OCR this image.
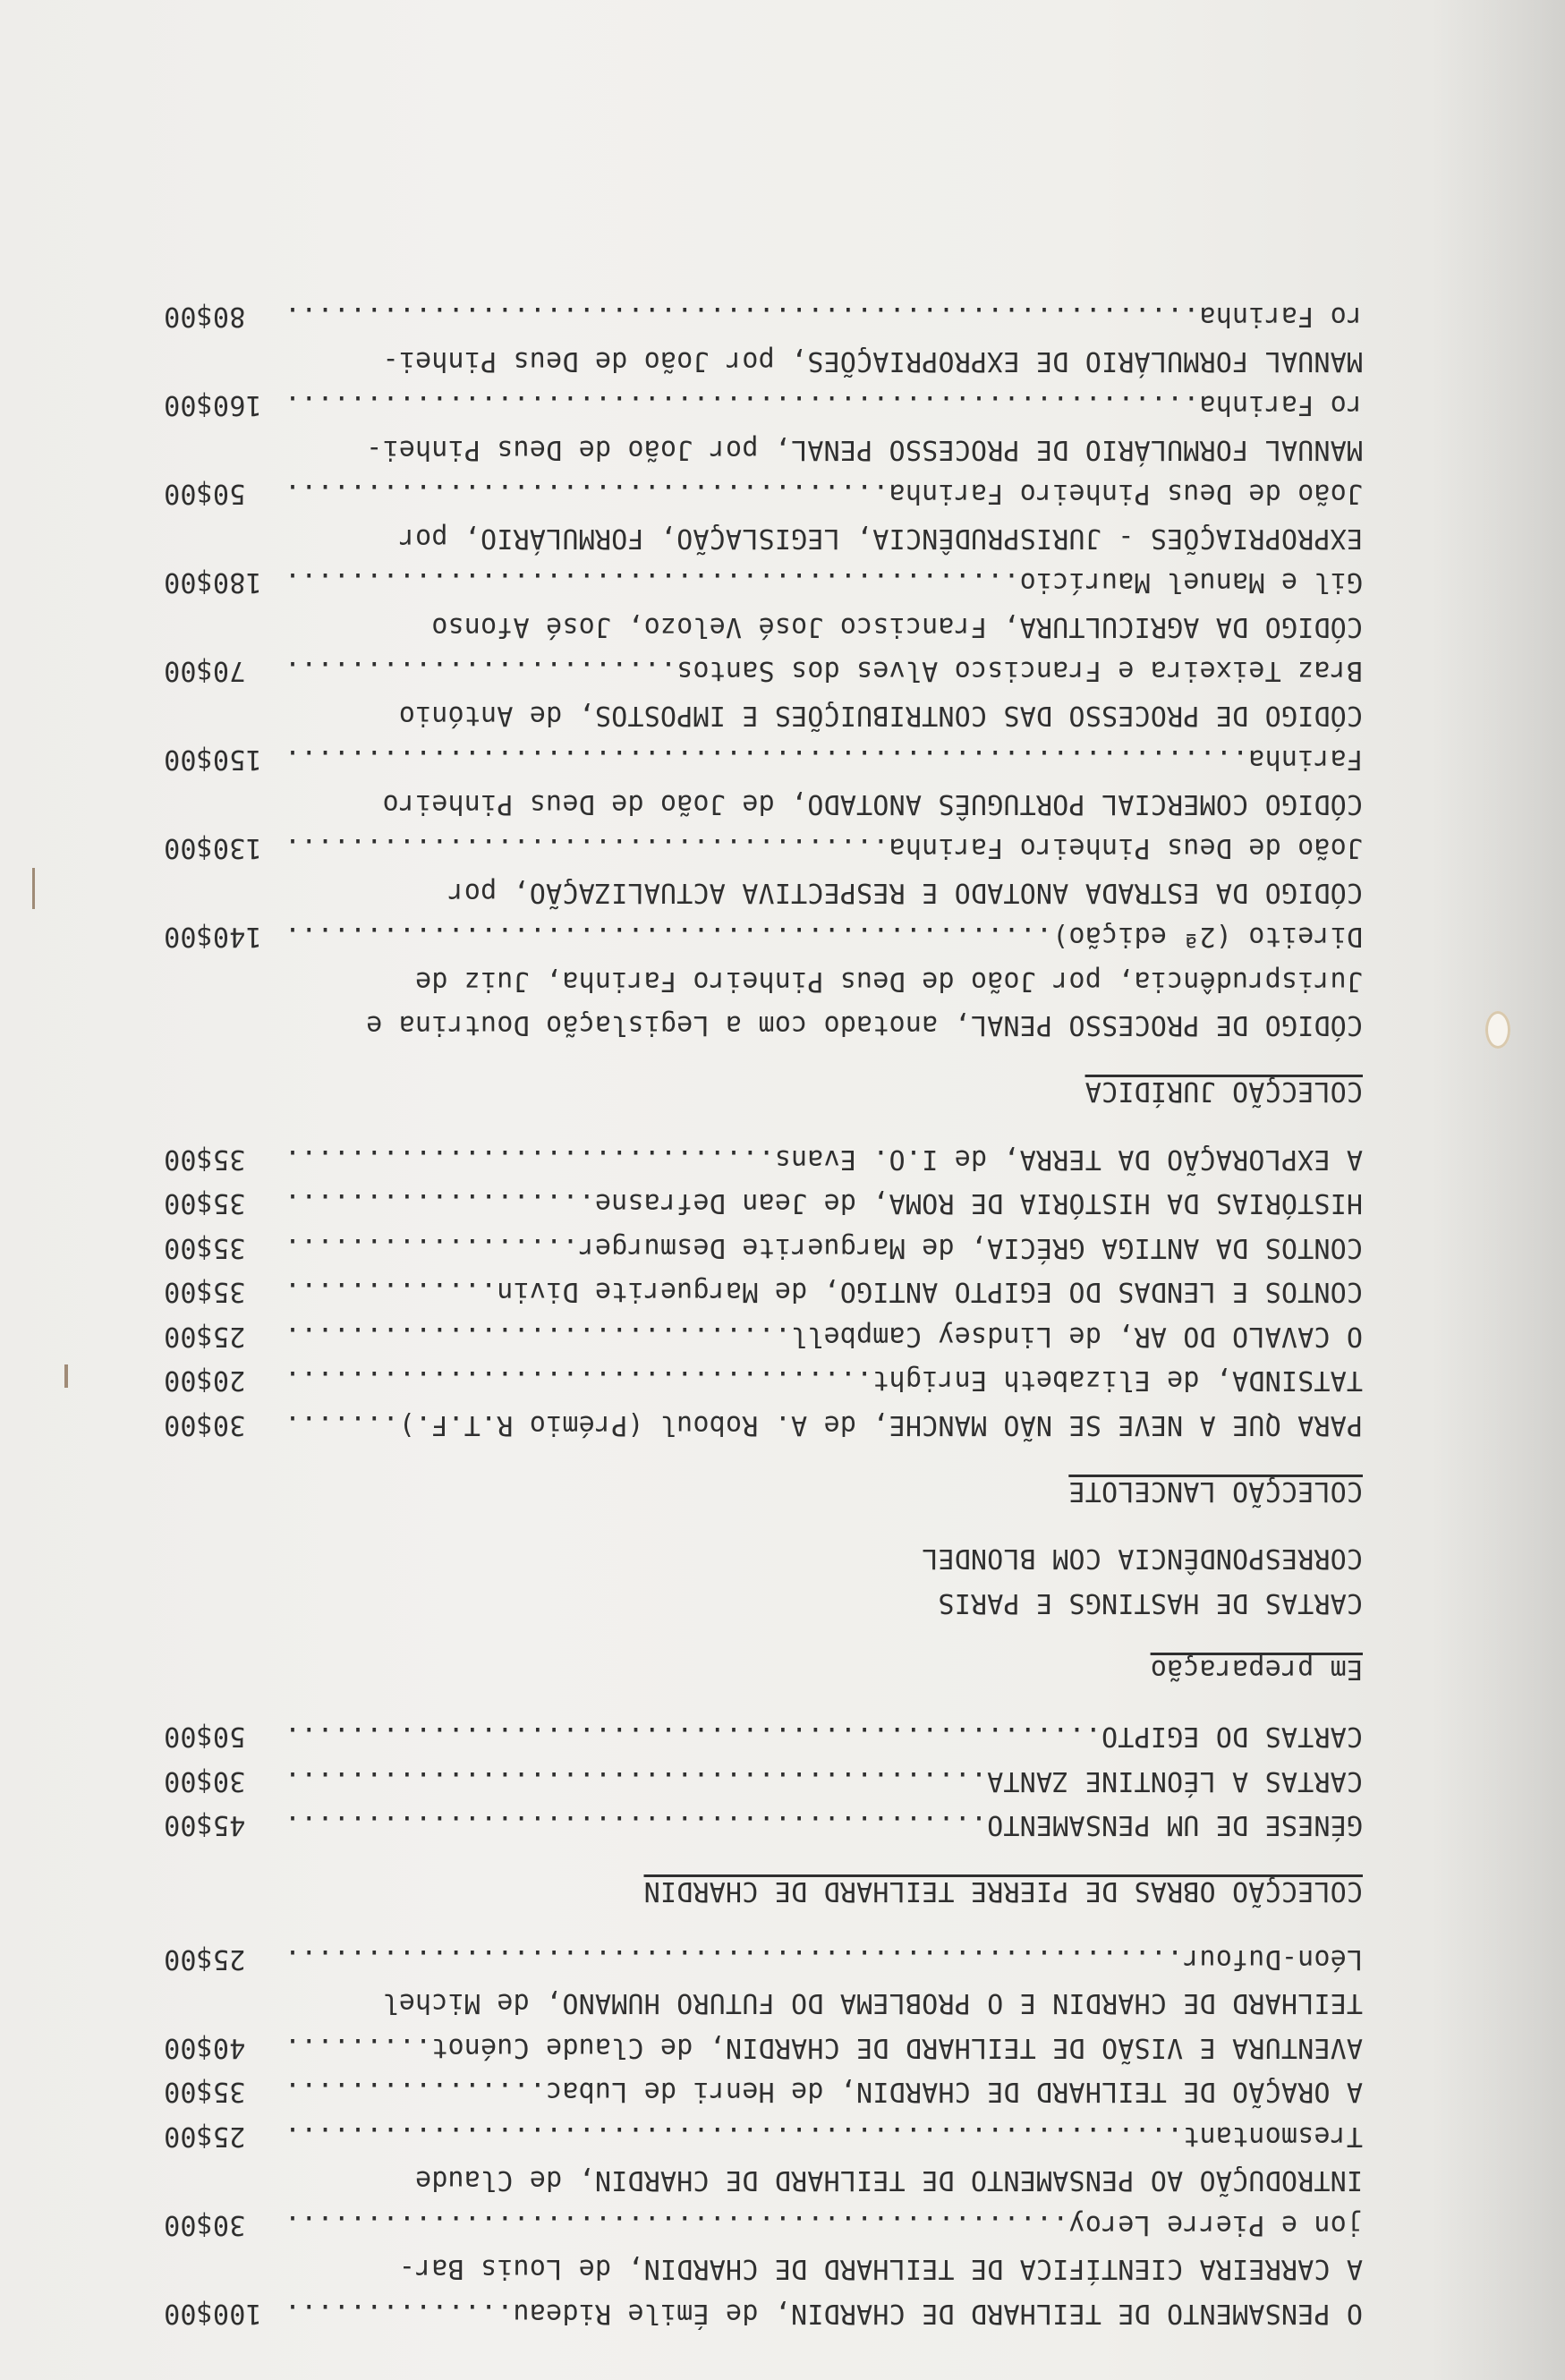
O PENSAMENTO DE TEILHARD DE CHARDIN, de Émile Rideau .....
100$00
A CARREIRA CIENTÍFICA DE TEILHARD DE CHARDIN, de Louis Bar-
jon e Pierre Leroy .....
30$00
INTRODUÇÃO AO PENSAMENTO DE TEILHARD DE CHARDIN, de Claude
Tresmontant .....
25$00
A ORAÇÃO DE TEILHARD DE CHARDIN, de Henri de Lubac .....
35$00
AVENTURA E VISÃO DE TEILHARD DE CHARDIN, de Claude Cuénot .....
40$00
TEILHARD DE CHARDIN E O PROBLEMA DO FUTURO HUMANO, de Michel
Léon-Dufour .....
25$00
COLECÇÃO OBRAS DE PIERRE TEILHARD DE CHARDIN
GÉNESE DE UM PENSAMENTO .....
45$00
CARTAS A LÉONTINE ZANTA .....
30$00
CARTAS DO EGIPTO .....
50$00
Em preparação
CARTAS DE HASTINGS E PARIS
CORRESPONDÊNCIA COM BLONDEL
COLECÇÃO LANCELOTE
PARA QUE A NEVE SE NÃO MANCHE, de A. Roboul (Prémio R.T.F.). .....
30$00
TATSINDA, de Elizabeth Enright .....
20$00
O CAVALO DO AR, de Lindsey Campbell .....
25$00
CONTOS E LENDAS DO EGIPTO ANTIGO, de Marguerite Divin .....
35$00
CONTOS DA ANTIGA GRÉCIA, de Marguerite Desmurger .....
35$00
HISTÓRIAS DA HISTÓRIA DE ROMA, de Jean Defrasne .....
35$00
A EXPLORAÇÃO DA TERRA, de I.O. Evans .....
35$00
COLECÇÃO JURÍDICA
CÓDIGO DE PROCESSO PENAL, anotado com a Legislação Doutrina e
Jurisprudência, por João de Deus Pinheiro Farinha, Juiz de
Direito (2ª edição) .....
140$00
CÓDIGO DA ESTRADA ANOTADO E RESPECTIVA ACTUALIZAÇÃO, por
João de Deus Pinheiro Farinha .....
130$00
CÓDIGO COMERCIAL PORTUGUÊS ANOTADO, de João de Deus Pinheiro
Farinha .....
150$00
CÓDIGO DE PROCESSO DAS CONTRIBUIÇÕES E IMPOSTOS, de António
Braz Teixeira e Francisco Alves dos Santos .....
70$00
CÓDIGO DA AGRICULTURA, Francisco José Velozo, José Afonso
Gil e Manuel Maurício .....
180$00
EXPROPRIAÇÕES - JURISPRUDÊNCIA, LEGISLAÇÃO, FORMULÁRIO, por
João de Deus Pinheiro Farinha .....
50$00
MANUAL FORMULÁRIO DE PROCESSO PENAL, por João de Deus Pinhei-
ro Farinha .....
160$00
MANUAL FORMULÁRIO DE EXPROPRIAÇÕES, por João de Deus Pinhei-
ro Farinha .....
80$00
